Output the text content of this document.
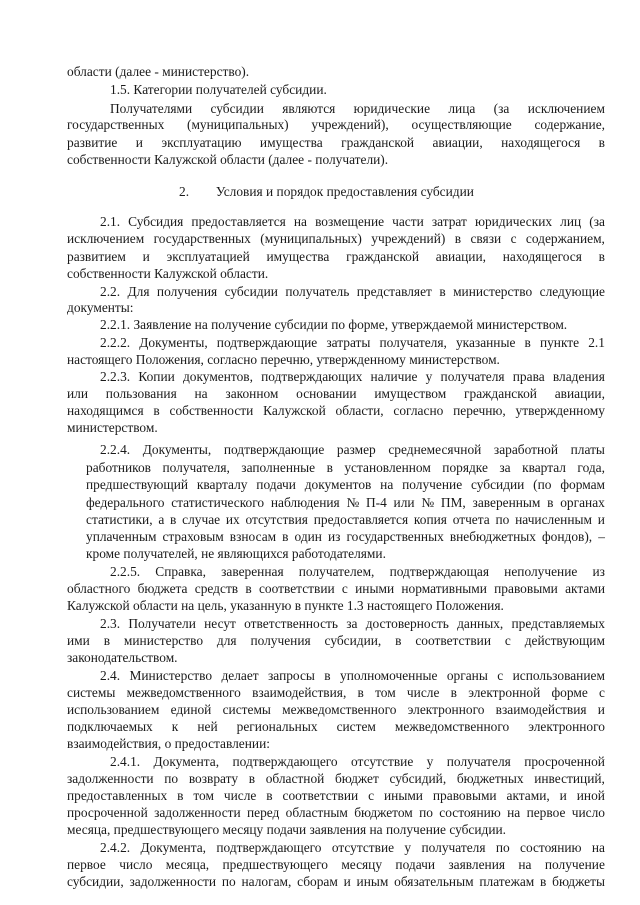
области (далее - министерство).
1.5. Категории получателей субсидии.
Получателями субсидии являются юридические лица (за исключением
государственных (муниципальных) учреждений), осуществляющие содержание,
развитие и эксплуатацию имущества гражданской авиации, находящегося в
собственности Калужской области (далее - получатели).
2.        Условия и порядок предоставления субсидии
2.1. Субсидия предоставляется на возмещение части затрат юридических лиц (за
исключением государственных (муниципальных) учреждений) в связи с содержанием,
развитием и эксплуатацией имущества гражданской авиации, находящегося в
собственности Калужской области.
2.2. Для получения субсидии получатель представляет в министерство следующие
документы:
2.2.1. Заявление на получение субсидии по форме, утверждаемой министерством.
2.2.2. Документы, подтверждающие затраты получателя, указанные в пункте 2.1
настоящего Положения, согласно перечню, утвержденному министерством.
2.2.3. Копии документов, подтверждающих наличие у получателя права владения
или пользования на законном основании имуществом гражданской авиации,
находящимся в собственности Калужской области, согласно перечню, утвержденному
министерством.
2.2.4. Документы, подтверждающие размер среднемесячной заработной платы
работников получателя, заполненные в установленном порядке за квартал года,
предшествующий кварталу подачи документов на получение субсидии (по формам
федерального статистического наблюдения № П-4 или № ПМ, заверенным в органах
статистики, а в случае их отсутствия предоставляется копия отчета по начисленным и
уплаченным страховым взносам в один из государственных внебюджетных фондов), –
кроме получателей, не являющихся работодателями.
2.2.5. Справка, заверенная получателем, подтверждающая неполучение из
областного бюджета средств в соответствии с иными нормативными правовыми актами
Калужской области на цель, указанную в пункте 1.3 настоящего Положения.
2.3. Получатели несут ответственность за достоверность данных, представляемых
ими в министерство для получения субсидии, в соответствии с действующим
законодательством.
2.4. Министерство делает запросы в уполномоченные органы с использованием
системы межведомственного взаимодействия, в том числе в электронной форме с
использованием единой системы межведомственного электронного взаимодействия и
подключаемых к ней региональных систем межведомственного электронного
взаимодействия, о предоставлении:
2.4.1. Документа, подтверждающего отсутствие у получателя просроченной
задолженности по возврату в областной бюджет субсидий, бюджетных инвестиций,
предоставленных в том числе в соответствии с иными правовыми актами, и иной
просроченной задолженности перед областным бюджетом по состоянию на первое число
месяца, предшествующего месяцу подачи заявления на получение субсидии.
2.4.2. Документа, подтверждающего отсутствие у получателя по состоянию на
первое число месяца, предшествующего месяцу подачи заявления на получение
субсидии, задолженности по налогам, сборам и иным обязательным платежам в бюджеты
